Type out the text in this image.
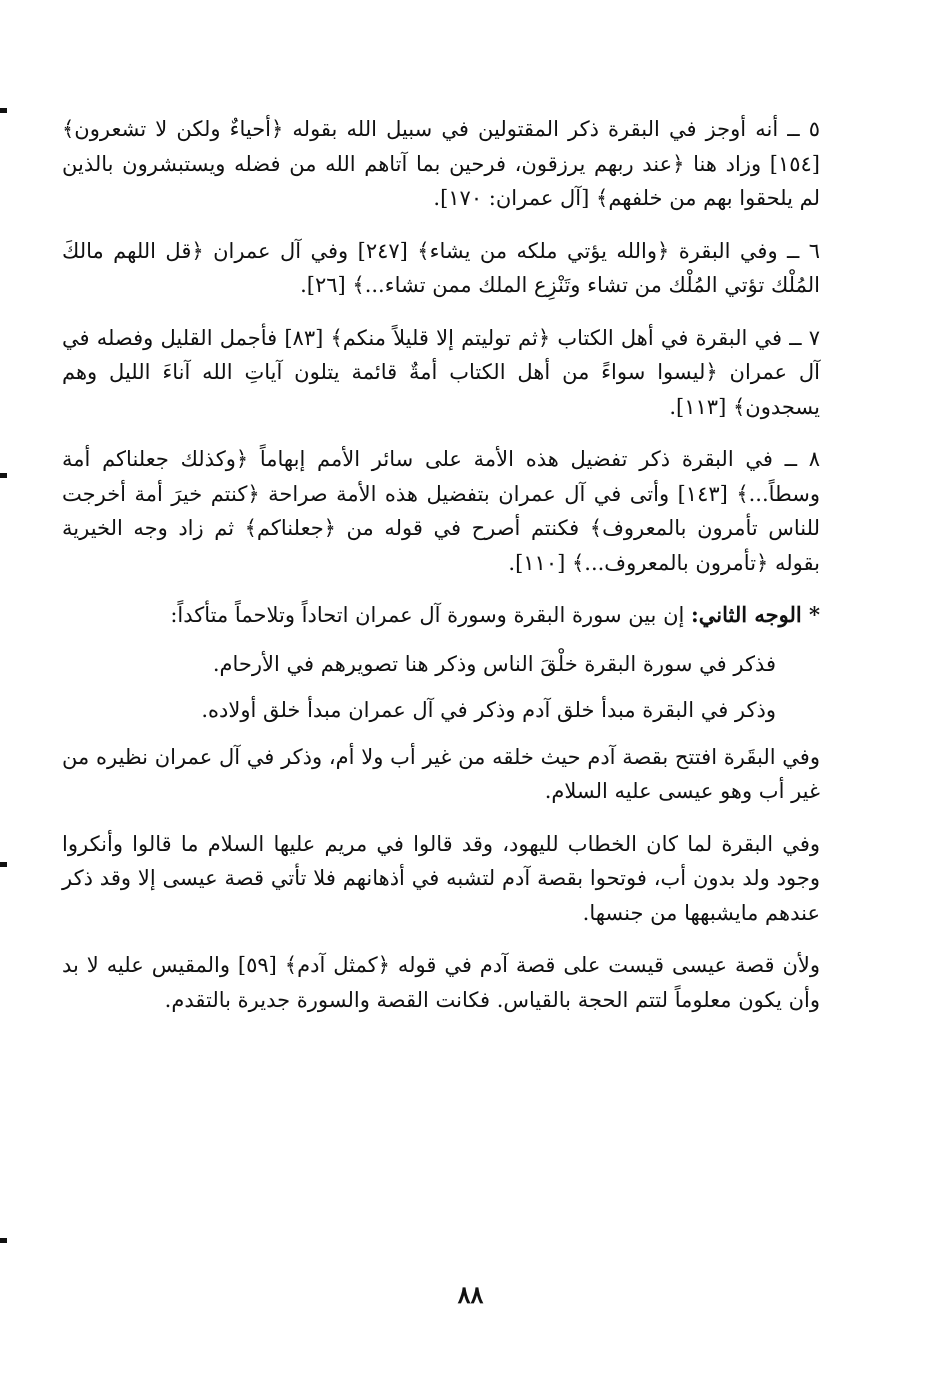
٥ ــ أنه أوجز في البقرة ذكر المقتولين في سبيل الله بقوله ﴿أحياءٌ ولكن لا تشعرون﴾ [١٥٤] وزاد هنا ﴿عند ربهم يرزقون، فرحين بما آتاهم الله من فضله ويستبشرون بالذين لم يلحقوا بهم من خلفهم﴾ [آل عمران: ١٧٠].

٦ ــ وفي البقرة ﴿والله يؤتي ملكه من يشاء﴾ [٢٤٧] وفي آل عمران ﴿قل اللهم مالكَ المُلْك تؤتي المُلْك من تشاء وتَنْزِع الملك ممن تشاء...﴾ [٢٦].

٧ ــ في البقرة في أهل الكتاب ﴿ثم توليتم إلا قليلاً منكم﴾ [٨٣] فأجمل القليل وفصله في آل عمران ﴿ليسوا سواءً من أهل الكتاب أمةٌ قائمة يتلون آياتِ الله آناءَ الليل وهم يسجدون﴾ [١١٣].

٨ ــ في البقرة ذكر تفضيل هذه الأمة على سائر الأمم إبهاماً ﴿وكذلك جعلناكم أمة وسطاً...﴾ [١٤٣] وأتى في آل عمران بتفضيل هذه الأمة صراحة ﴿كنتم خيرَ أمة أخرجت للناس تأمرون بالمعروف﴾ فكنتم أصرح في قوله من ﴿جعلناكم﴾ ثم زاد وجه الخيرية بقوله ﴿تأمرون بالمعروف...﴾ [١١٠].

* الوجه الثاني: إن بين سورة البقرة وسورة آل عمران اتحاداً وتلاحماً متأكداً:

فذكر في سورة البقرة خلْقَ الناس وذكر هنا تصويرهم في الأرحام.

وذكر في البقرة مبدأ خلق آدم وذكر في آل عمران مبدأ خلق أولاده.

وفي البقَرة افتتح بقصة آدم حيث خلقه من غير أب ولا أم، وذكر في آل عمران نظيره من غير أب وهو عيسى عليه السلام.

وفي البقرة لما كان الخطاب لليهود، وقد قالوا في مريم عليها السلام ما قالوا وأنكروا وجود ولد بدون أب، فوتحوا بقصة آدم لتشبه في أذهانهم فلا تأتي قصة عيسى إلا وقد ذكر عندهم مايشبهها من جنسها.

ولأن قصة عيسى قيست على قصة آدم في قوله ﴿كمثل آدم﴾ [٥٩] والمقيس عليه لا بد وأن يكون معلوماً لتتم الحجة بالقياس. فكانت القصة والسورة جديرة بالتقدم.

٨٨
